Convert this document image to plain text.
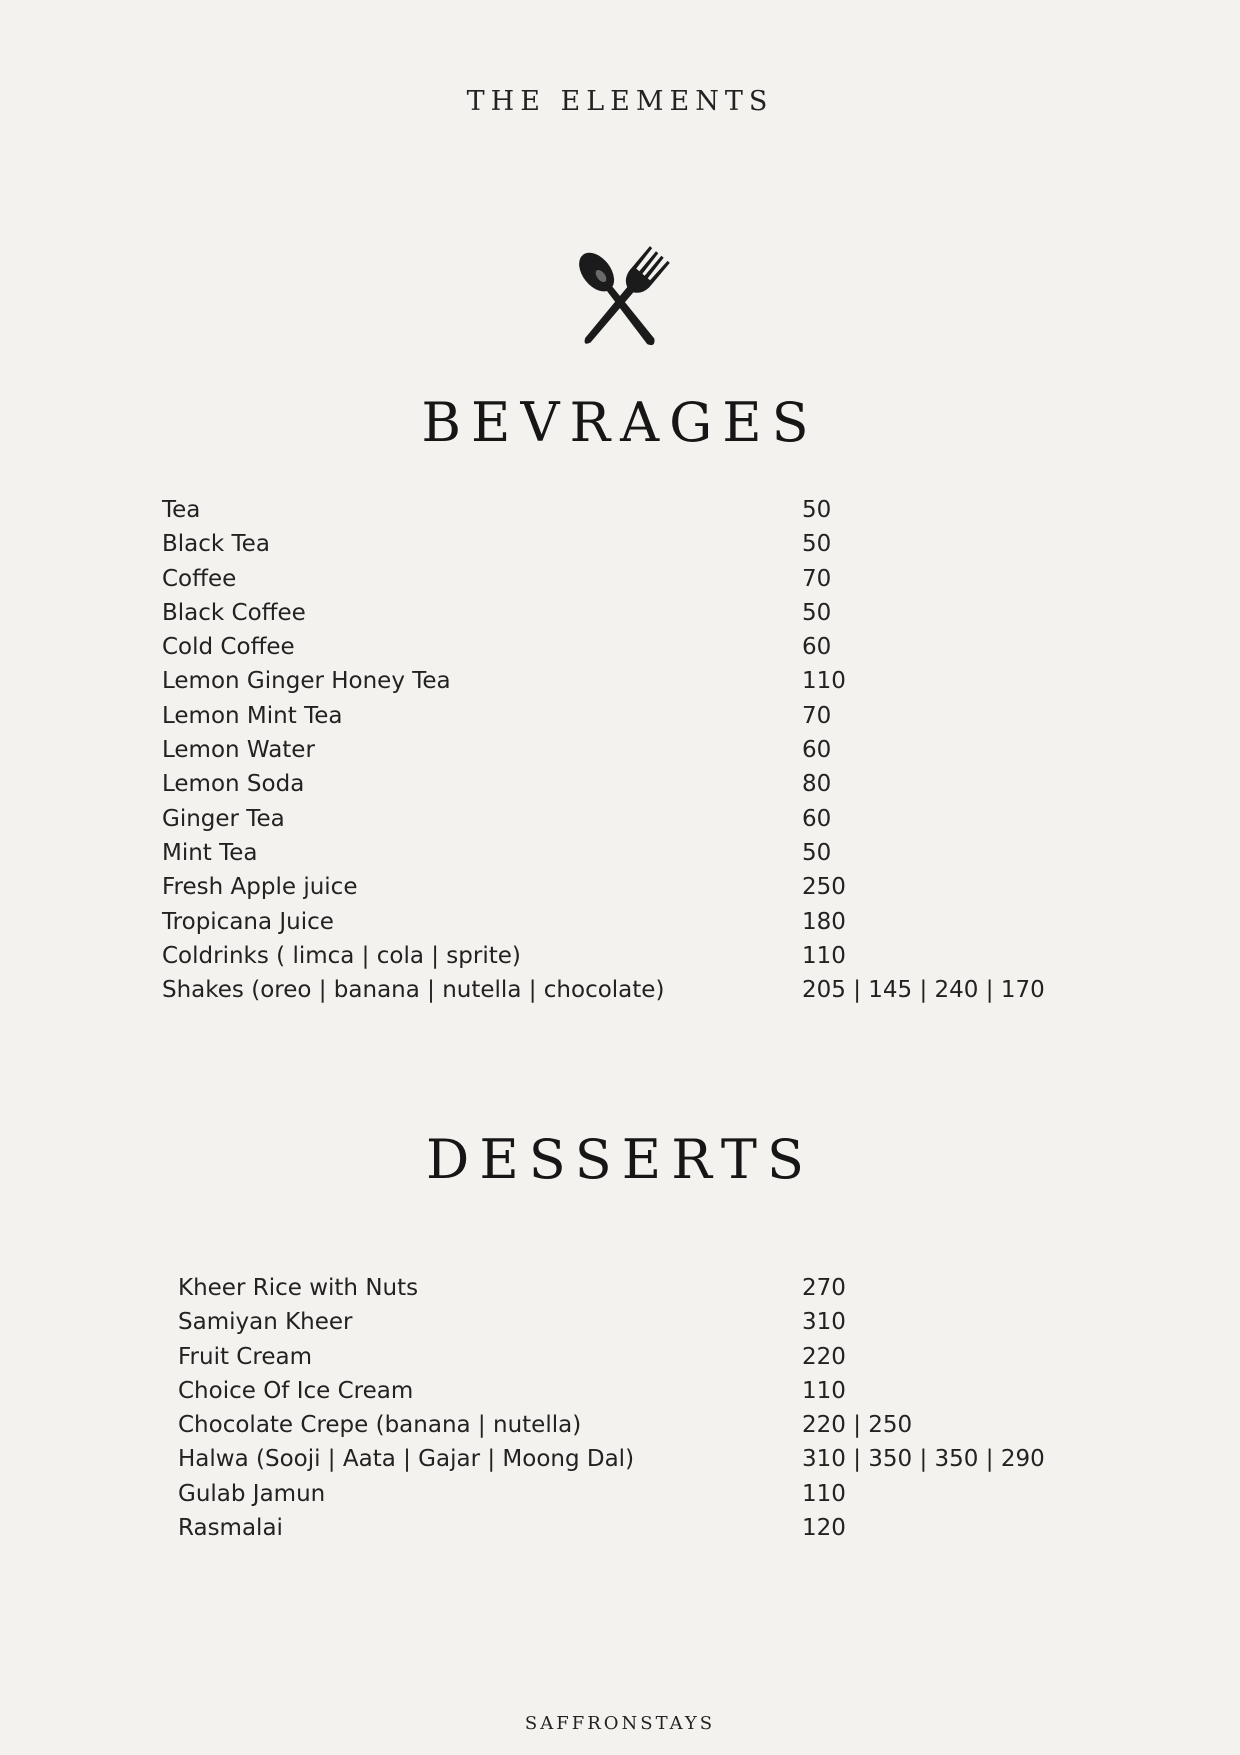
THE ELEMENTS
BEVRAGES
Tea	50
Black Tea	50
Coffee	70
Black Coffee	50
Cold Coffee	60
Lemon Ginger Honey Tea	110
Lemon Mint Tea	70
Lemon Water	60
Lemon Soda	80
Ginger Tea	60
Mint Tea	50
Fresh Apple juice	250
Tropicana Juice	180
Coldrinks ( limca | cola | sprite)	110
Shakes (oreo | banana | nutella | chocolate)	205 | 145 | 240 | 170
DESSERTS
Kheer Rice with Nuts	270
Samiyan Kheer	310
Fruit Cream	220
Choice Of Ice Cream	110
Chocolate Crepe (banana | nutella)	220 | 250
Halwa (Sooji | Aata | Gajar | Moong Dal)	310 | 350 | 350 | 290
Gulab Jamun	110
Rasmalai	120
SAFFRONSTAYS
